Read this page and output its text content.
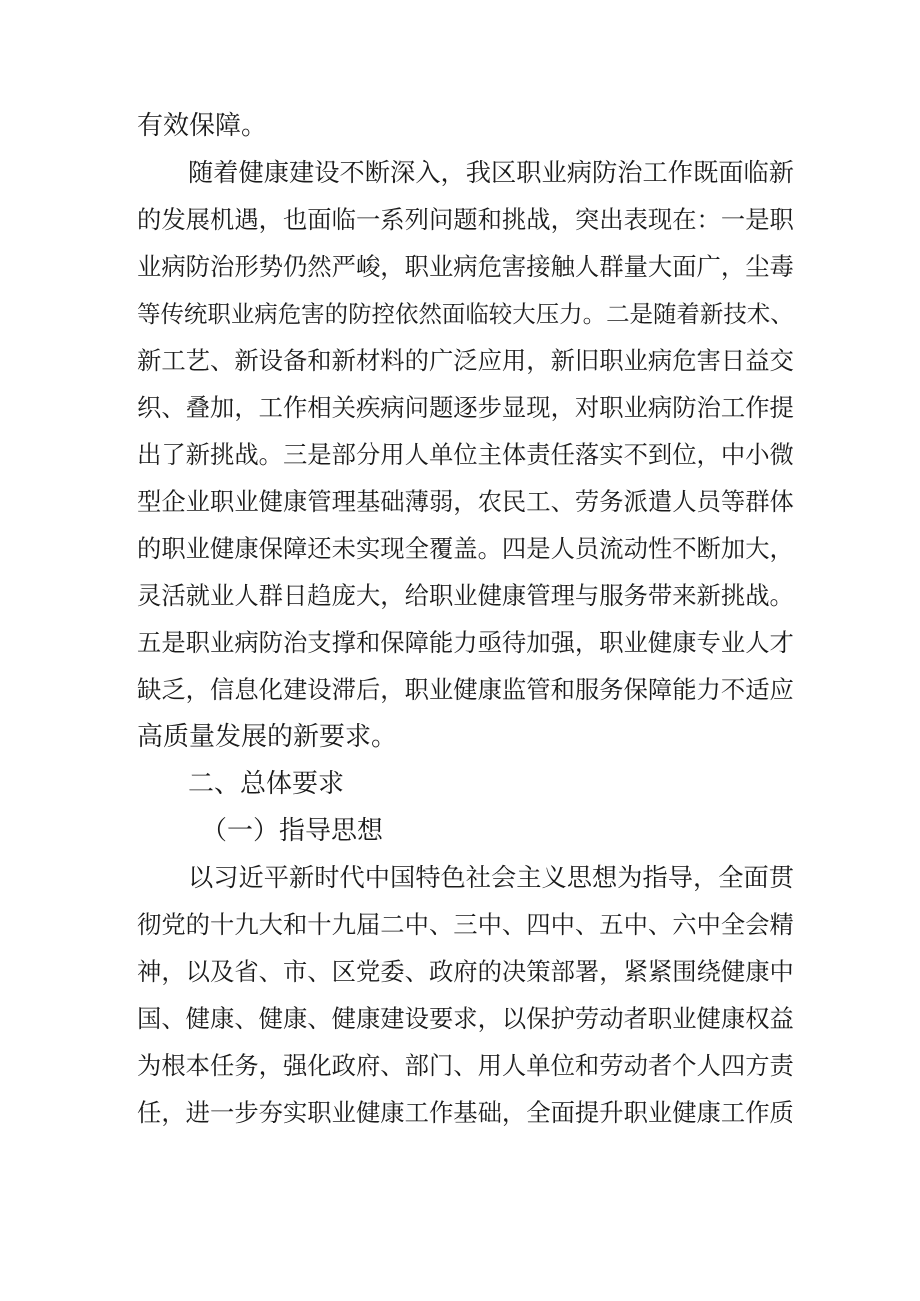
有效保障。

随着健康建设不断深入，我区职业病防治工作既面临新

的发展机遇，也面临一系列问题和挑战，突出表现在：一是职

业病防治形势仍然严峻，职业病危害接触人群量大面广，尘毒

等传统职业病危害的防控依然面临较大压力。二是随着新技术、

新工艺、新设备和新材料的广泛应用，新旧职业病危害日益交

织、叠加，工作相关疾病问题逐步显现，对职业病防治工作提

出了新挑战。三是部分用人单位主体责任落实不到位，中小微

型企业职业健康管理基础薄弱，农民工、劳务派遣人员等群体

的职业健康保障还未实现全覆盖。四是人员流动性不断加大，

灵活就业人群日趋庞大，给职业健康管理与服务带来新挑战。

五是职业病防治支撑和保障能力亟待加强，职业健康专业人才

缺乏，信息化建设滞后，职业健康监管和服务保障能力不适应

高质量发展的新要求。

二、总体要求

（一）指导思想

以习近平新时代中国特色社会主义思想为指导，全面贯

彻党的十九大和十九届二中、三中、四中、五中、六中全会精

神，以及省、市、区党委、政府的决策部署，紧紧围绕健康中

国、健康、健康、健康建设要求，以保护劳动者职业健康权益

为根本任务，强化政府、部门、用人单位和劳动者个人四方责

任，进一步夯实职业健康工作基础，全面提升职业健康工作质
